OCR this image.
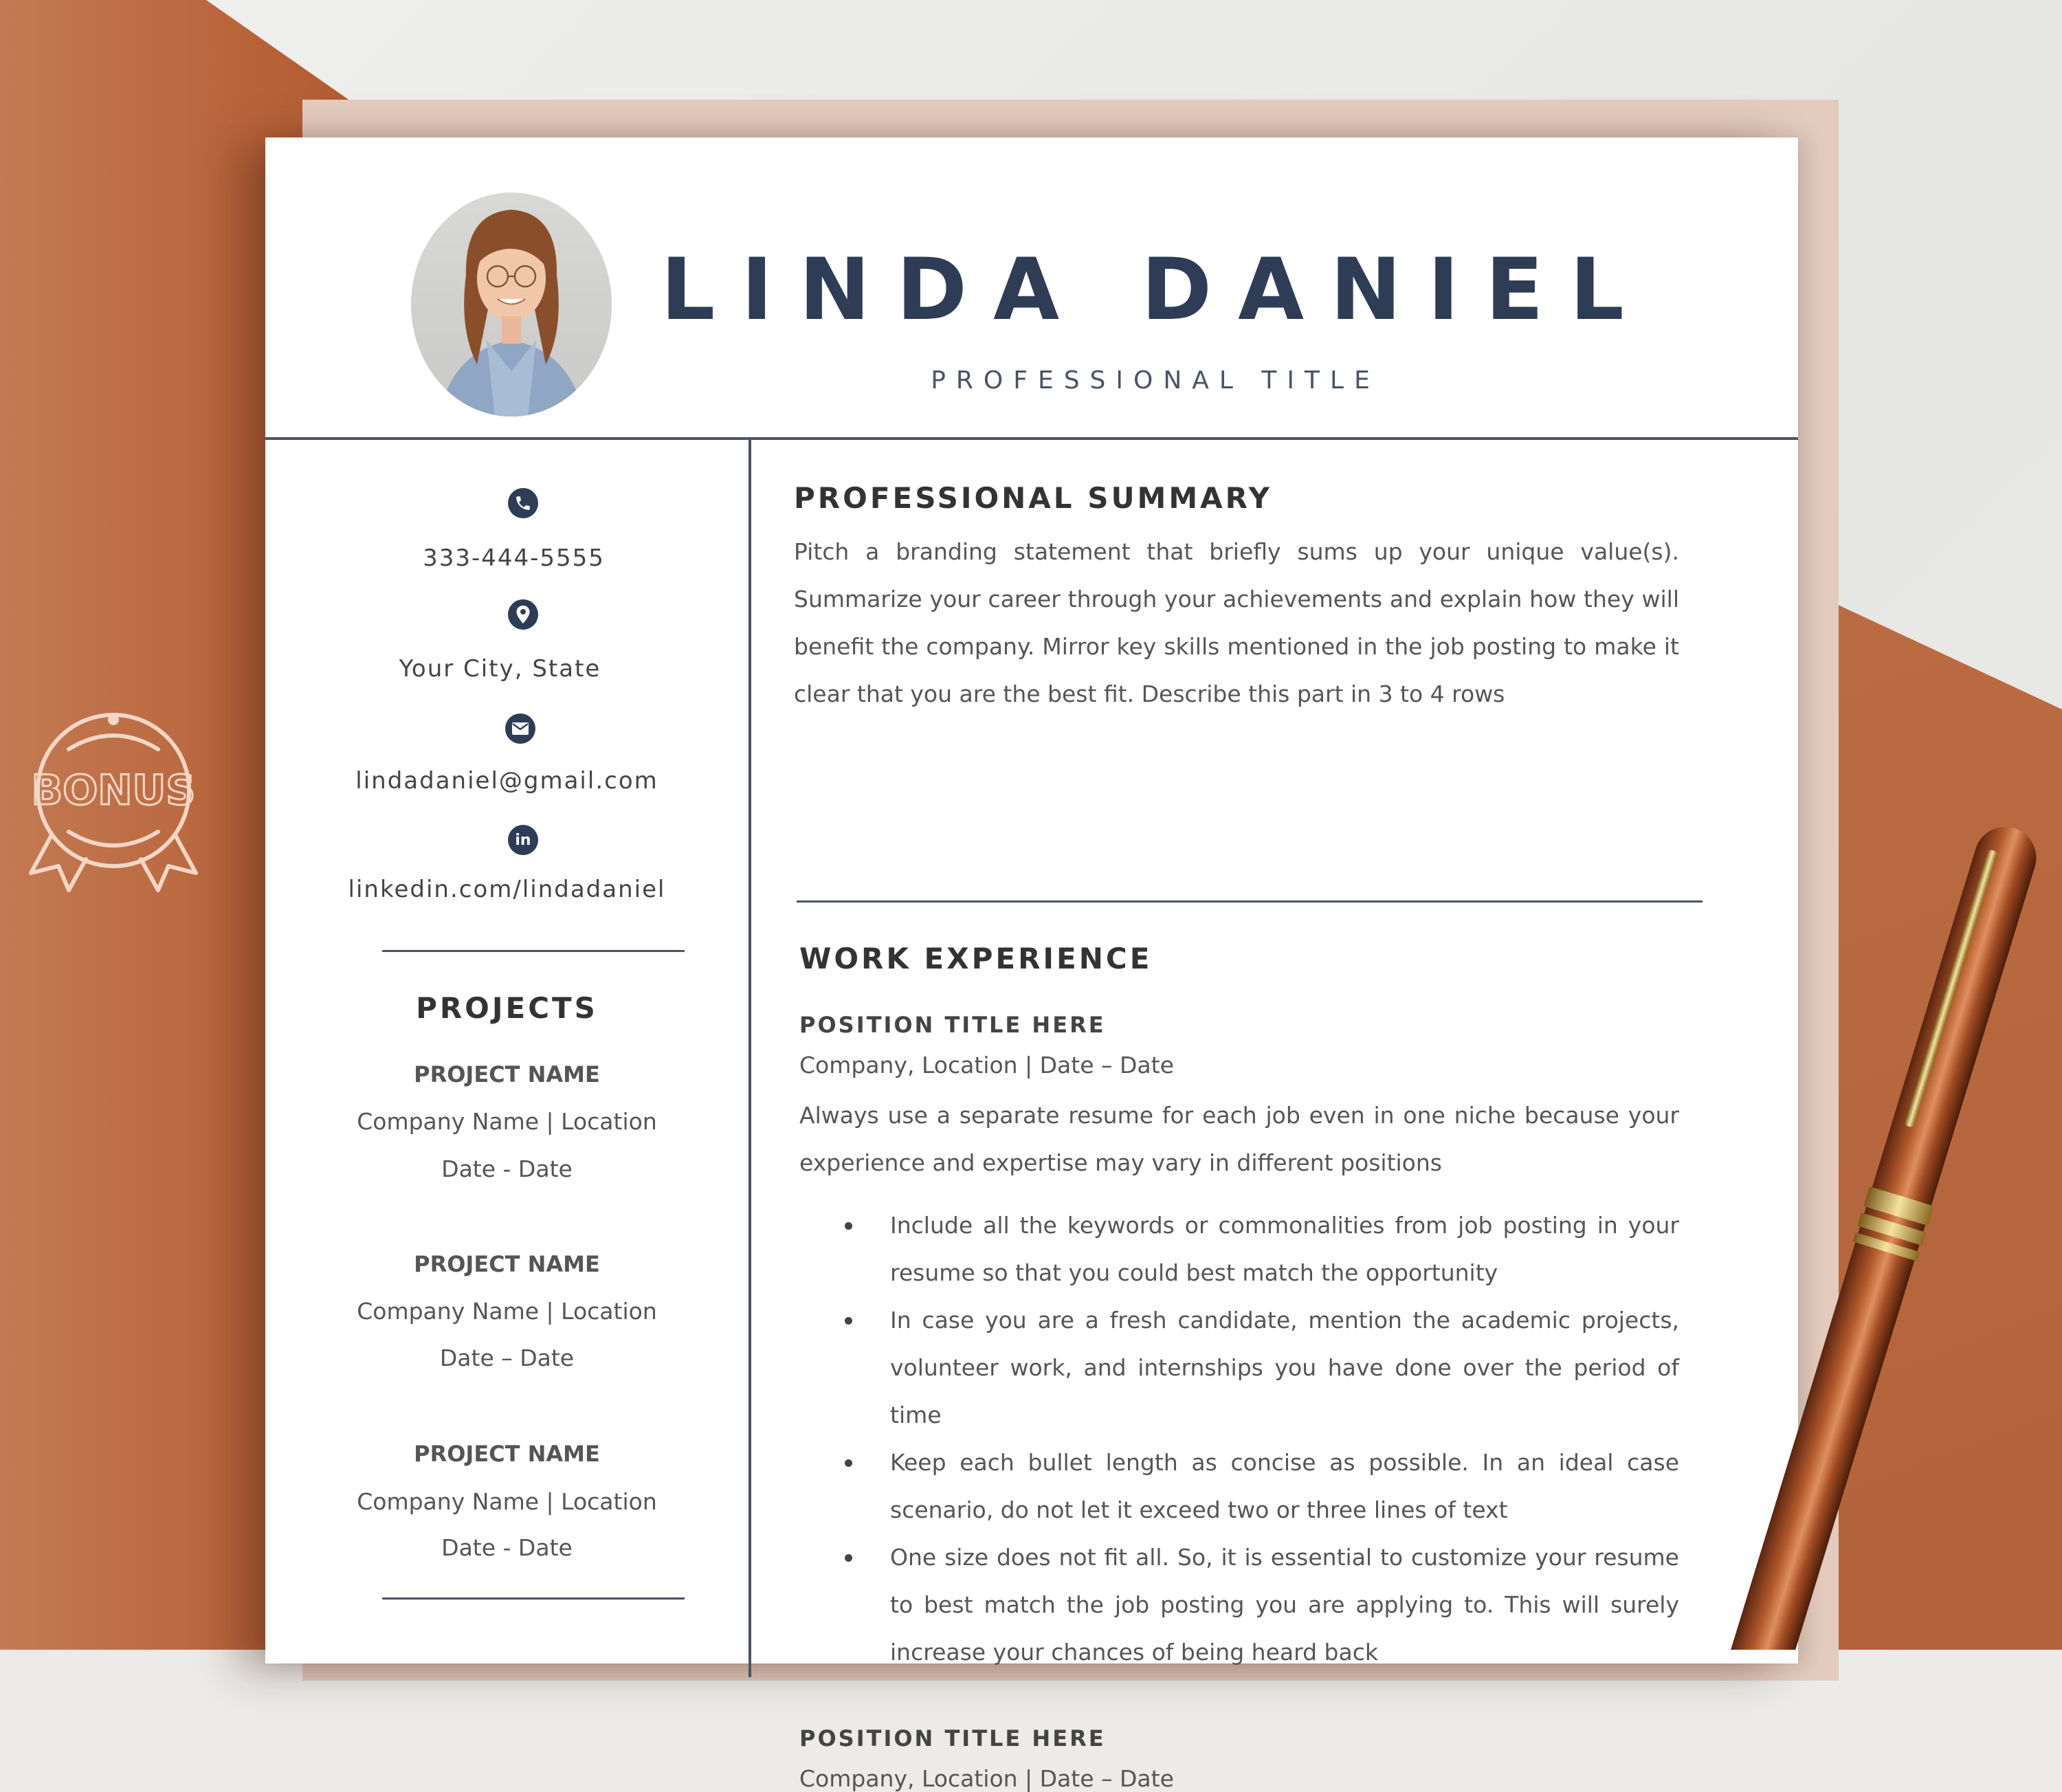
BONUS
LINDA DANIEL
PROFESSIONAL TITLE
333-444-5555
Your City, State
lindadaniel@gmail.com
in
linkedin.com/lindadaniel
PROJECTS
PROJECT NAME
Company Name | Location
Date - Date
PROJECT NAME
Company Name | Location
Date – Date
PROJECT NAME
Company Name | Location
Date - Date
PROFESSIONAL SUMMARY

Pitch a branding statement that briefly sums up your unique value(s). Summarize your career through your achievements and explain how they will benefit the company. Mirror key skills mentioned in the job posting to make it clear that you are the best fit. Describe this part in 3 to 4 rows

WORK EXPERIENCE
POSITION TITLE HERE
Company, Location | Date – Date

Always use a separate resume for each job even in one niche because your experience and expertise may vary in different positions

Include all the keywords or commonalities from job posting in your resume so that you could best match the opportunity
In case you are a fresh candidate, mention the academic projects, volunteer work, and internships you have done over the period of time
Keep each bullet length as concise as possible. In an ideal case scenario, do not let it exceed two or three lines of text
One size does not fit all. So, it is essential to customize your resume to best match the job posting you are applying to. This will surely increase your chances of being heard back
POSITION TITLE HERE
Company, Location | Date – Date
